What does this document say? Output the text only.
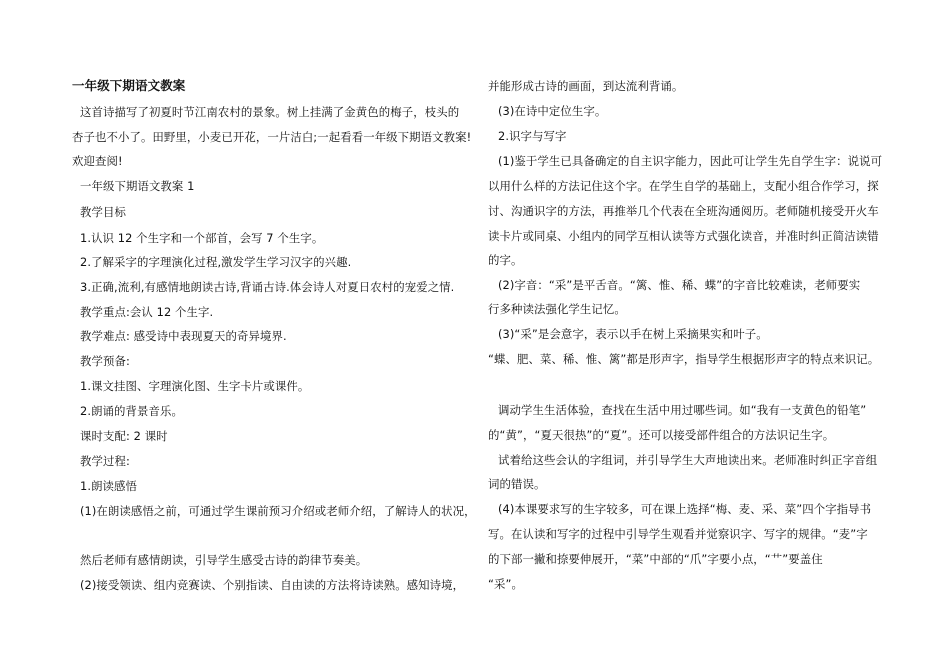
一年级下期语文教案
这首诗描写了初夏时节江南农村的景象。树上挂满了金黄色的梅子，枝头的
杏子也不小了。田野里，小麦已开花，一片洁白;一起看看一年级下期语文教案!
欢迎查阅!
一年级下期语文教案 1
教学目标
1.认识 12 个生字和一个部首，会写 7 个生字。
2.了解采字的字理演化过程,激发学生学习汉字的兴趣.
3.正确,流利,有感情地朗读古诗,背诵古诗.体会诗人对夏日农村的宠爱之情.
教学重点:会认 12 个生字.
教学难点: 感受诗中表现夏天的奇异境界.
教学预备:
1.课文挂图、字理演化图、生字卡片或课件。
2.朗诵的背景音乐。
课时支配: 2 课时
教学过程:
1.朗读感悟
(1)在朗读感悟之前，可通过学生课前预习介绍或老师介绍，了解诗人的状况，
然后老师有感情朗读，引导学生感受古诗的韵律节奏美。
(2)接受领读、组内竞赛读、个别指读、自由读的方法将诗读熟。感知诗境，
并能形成古诗的画面，到达流利背诵。
(3)在诗中定位生字。
2.识字与写字
(1)鉴于学生已具备确定的自主识字能力，因此可让学生先自学生字：说说可
以用什么样的方法记住这个字。在学生自学的基础上，支配小组合作学习，探
讨、沟通识字的方法，再推举几个代表在全班沟通阅历。老师随机接受开火车
读卡片或同桌、小组内的同学互相认读等方式强化读音，并准时纠正简洁读错
的字。
(2)字音：“采”是平舌音。“篱、惟、稀、蝶”的字音比较难读，老师要实
行多种读法强化学生记忆。
(3)“采”是会意字，表示以手在树上采摘果实和叶子。
“蝶、肥、菜、稀、惟、篱”都是形声字，指导学生根据形声字的特点来识记。
调动学生生活体验，查找在生活中用过哪些词。如“我有一支黄色的铅笔”
的“黄”，“夏天很热”的“夏”。还可以接受部件组合的方法识记生字。
试着给这些会认的字组词，并引导学生大声地读出来。老师准时纠正字音组
词的错误。
(4)本课要求写的生字较多，可在课上选择“梅、麦、采、菜”四个字指导书
写。在认读和写字的过程中引导学生观看并觉察识字、写字的规律。“麦”字
的下部一撇和捺要伸展开，“菜”中部的“爪”字要小点，“艹”要盖住
“采”。
